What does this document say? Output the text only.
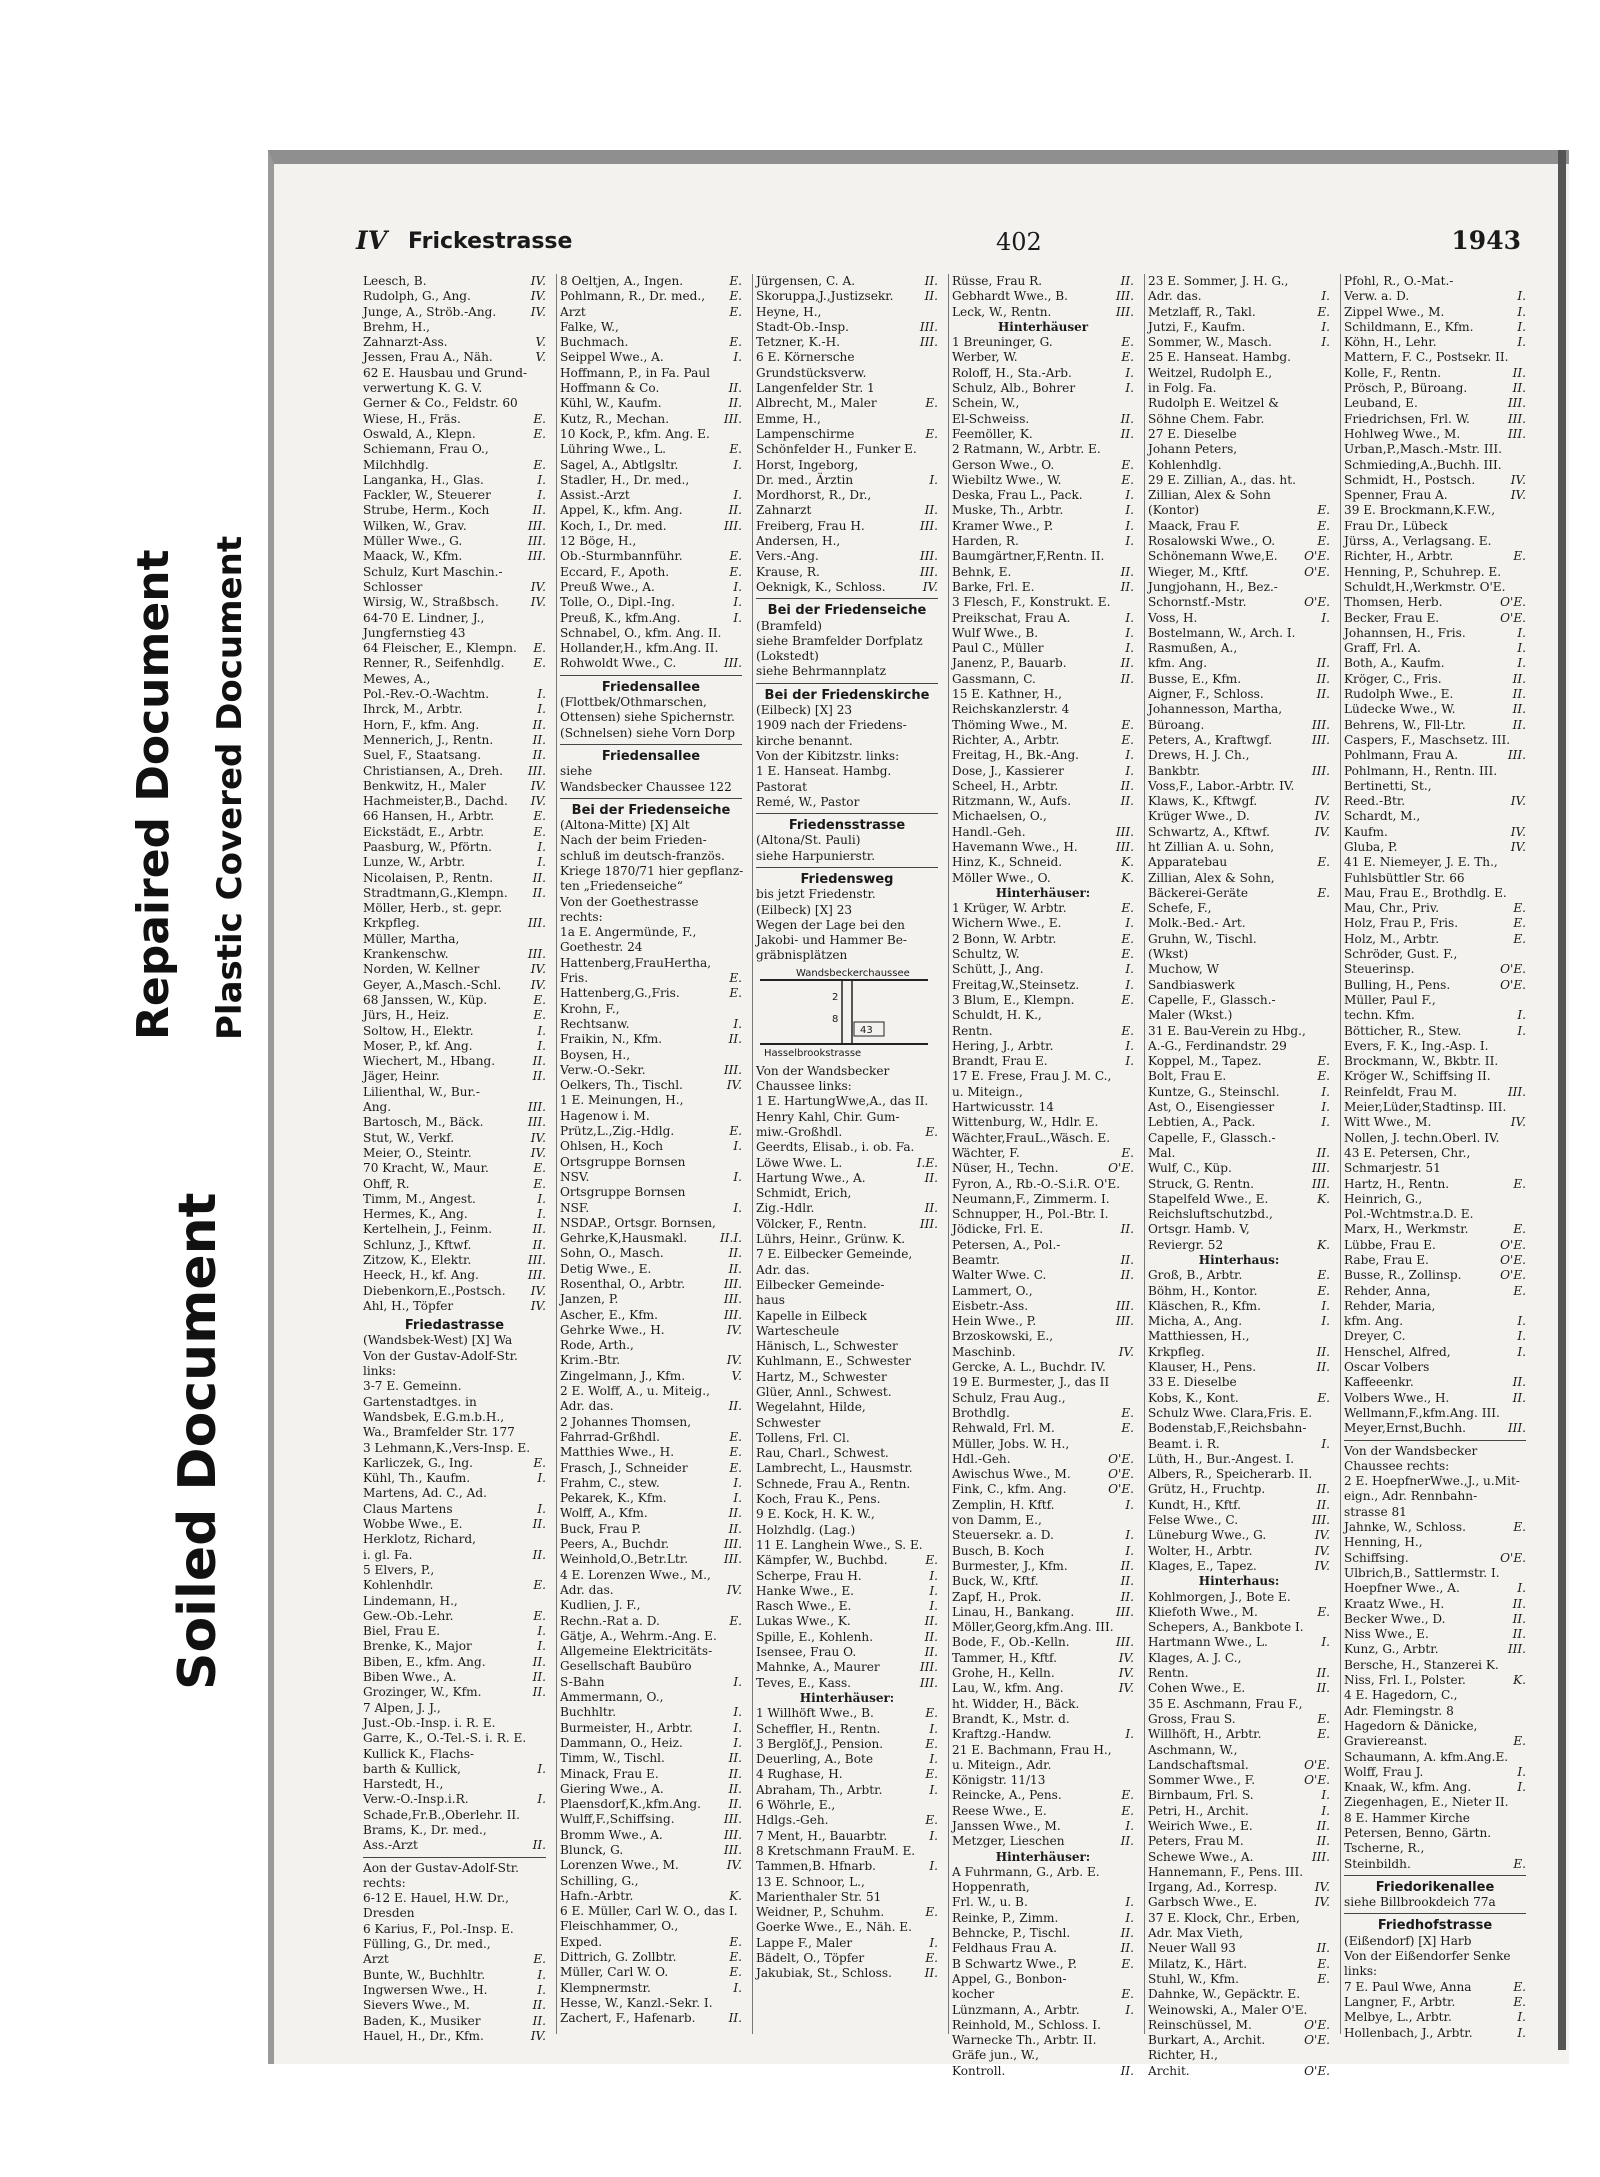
Repaired Document Plastic Covered Document
Soiled Document
IV Frickestrasse	402	1943
IV.
Leesch, B.
IV.
Rudolph, G., Ang.
IV.
Junge, A., Ströb.-Ang.
Brehm, H.,
V.
Zahnarzt-Ass.
V.
Jessen, Frau A., Näh.
62 E. Hausbau und Grund-
verwertung K. G. V.
Gerner & Co., Feldstr. 60
E.
Wiese, H., Fräs.
E.
Oswald, A., Klepn.
Schiemann, Frau O.,
E.
Milchhdlg.
I.
Langanka, H., Glas.
I.
Fackler, W., Steuerer
II.
Strube, Herm., Koch
III.
Wilken, W., Grav.
III.
Müller Wwe., G.
III.
Maack, W., Kfm.
Schulz, Kurt Maschin.-
IV.
Schlosser
IV.
Wirsig, W., Straßbsch.
64-70 E. Lindner, J.,
Jungfernstieg 43
E.
64 Fleischer, E., Klempn.
E.
Renner, R., Seifenhdlg.
Mewes, A.,
I.
Pol.-Rev.-O.-Wachtm.
I.
Ihrck, M., Arbtr.
II.
Horn, F., kfm. Ang.
II.
Mennerich, J., Rentn.
II.
Suel, F., Staatsang.
III.
Christiansen, A., Dreh.
IV.
Benkwitz, H., Maler
IV.
Hachmeister,B., Dachd.
E.
66 Hansen, H., Arbtr.
E.
Eickstädt, E., Arbtr.
I.
Paasburg, W., Pförtn.
I.
Lunze, W., Arbtr.
II.
Nicolaisen, P., Rentn.
II.
Stradtmann,G.,Klempn.
Möller, Herb., st. gepr.
III.
Krkpfleg.
Müller, Martha,
III.
Krankenschw.
IV.
Norden, W. Kellner
IV.
Geyer, A.,Masch.-Schl.
E.
68 Janssen, W., Küp.
E.
Jürs, H., Heiz.
I.
Soltow, H., Elektr.
I.
Moser, P., kf. Ang.
II.
Wiechert, M., Hbang.
II.
Jäger, Heinr.
Lilienthal, W., Bur.-
III.
Ang.
III.
Bartosch, M., Bäck.
IV.
Stut, W., Verkf.
IV.
Meier, O., Steintr.
E.
70 Kracht, W., Maur.
E.
Ohff, R.
I.
Timm, M., Angest.
I.
Hermes, K., Ang.
II.
Kertelhein, J., Feinm.
II.
Schlunz, J., Kftwf.
III.
Zitzow, K., Elektr.
III.
Heeck, H., kf. Ang.
IV.
Diebenkorn,E.,Postsch.
IV.
Ahl, H., Töpfer
Friedastrasse
(Wandsbek-West) [X] Wa
Von der Gustav-Adolf-Str.
links:
3-7 E. Gemeinn.
Gartenstadtges. in
Wandsbek, E.G.m.b.H.,
Wa., Bramfelder Str. 177
3 Lehmann,K.,Vers-Insp. E.
E.
Karliczek, G., Ing.
I.
Kühl, Th., Kaufm.
Martens, Ad. C., Ad.
I.
Claus Martens
II.
Wobbe Wwe., E.
Herklotz, Richard,
II.
i. gl. Fa.
5 Elvers, P.,
E.
Kohlenhdlr.
Lindemann, H.,
E.
Gew.-Ob.-Lehr.
I.
Biel, Frau E.
I.
Brenke, K., Major
II.
Biben, E., kfm. Ang.
II.
Biben Wwe., A.
II.
Grozinger, W., Kfm.
7 Alpen, J. J.,
Just.-Ob.-Insp. i. R. E.
Garre, K., O.-Tel.-S. i. R. E.
Kullick K., Flachs-
I.
barth & Kullick,
Harstedt, H.,
I.
Verw.-O.-Insp.i.R.
Schade,Fr.B.,Oberlehr. II.
Brams, K., Dr. med.,
II.
Ass.-Arzt
Aon der Gustav-Adolf-Str.
rechts:
6-12 E. Hauel, H.W. Dr.,
Dresden
6 Karius, F., Pol.-Insp. E.
Fülling, G., Dr. med.,
E.
Arzt
I.
Bunte, W., Buchhltr.
I.
Ingwersen Wwe., H.
II.
Sievers Wwe., M.
II.
Baden, K., Musiker
IV.
Hauel, H., Dr., Kfm.
E.
8 Oeltjen, A., Ingen.
E.
Pohlmann, R., Dr. med.,
E.
Arzt
Falke, W.,
E.
Buchmach.
I.
Seippel Wwe., A.
Hoffmann, P., in Fa. Paul
II.
Hoffmann & Co.
II.
Kühl, W., Kaufm.
III.
Kutz, R., Mechan.
10 Kock, P., kfm. Ang. E.
E.
Lühring Wwe., L.
I.
Sagel, A., Abtlgsltr.
Stadler, H., Dr. med.,
I.
Assist.-Arzt
II.
Appel, K., kfm. Ang.
III.
Koch, I., Dr. med.
12 Böge, H.,
E.
Ob.-Sturmbannführ.
E.
Eccard, F., Apoth.
I.
Preuß Wwe., A.
I.
Tolle, O., Dipl.-Ing.
I.
Preuß, K., kfm.Ang.
Schnabel, O., kfm. Ang. II.
Hollander,H., kfm.Ang. II.
III.
Rohwoldt Wwe., C.
Friedensallee
(Flottbek/Othmarschen,
Ottensen) siehe Spichernstr.
(Schnelsen) siehe Vorn Dorp
Friedensallee
siehe
Wandsbecker Chaussee 122
Bei der Friedenseiche
(Altona-Mitte) [X] Alt
Nach der beim Frieden-
schluß im deutsch-französ.
Kriege 1870/71 hier gepflanz-
ten „Friedenseiche“
Von der Goethestrasse
rechts:
1a E. Angermünde, F.,
Goethestr. 24
Hattenberg,FrauHertha,
E.
Fris.
E.
Hattenberg,G.,Fris.
Krohn, F.,
I.
Rechtsanw.
II.
Fraikin, N., Kfm.
Boysen, H.,
III.
Verw.-O.-Sekr.
IV.
Oelkers, Th., Tischl.
1 E. Meinungen, H.,
Hagenow i. M.
E.
Prütz,L.,Zig.-Hdlg.
I.
Ohlsen, H., Koch
Ortsgruppe Bornsen
I.
NSV.
Ortsgruppe Bornsen
I.
NSF.
NSDAP., Ortsgr. Bornsen,
I.
II.
Gehrke,K,Hausmakl.
II.
Sohn, O., Masch.
II.
Detig Wwe., E.
III.
Rosenthal, O., Arbtr.
III.
Janzen, P.
III.
Ascher, E., Kfm.
IV.
Gehrke Wwe., H.
Rode, Arth.,
IV.
Krim.-Btr.
V.
Zingelmann, J., Kfm.
2 E. Wolff, A., u. Miteig.,
II.
Adr. das.
2 Johannes Thomsen,
E.
Fahrrad-Grßhdl.
E.
Matthies Wwe., H.
E.
Frasch, J., Schneider
I.
Frahm, C., stew.
I.
Pekarek, K., Kfm.
II.
Wolff, A., Kfm.
II.
Buck, Frau P.
III.
Peers, A., Buchdr.
III.
Weinhold,O.,Betr.Ltr.
4 E. Lorenzen Wwe., M.,
IV.
Adr. das.
Kudlien, J. F.,
E.
Rechn.-Rat a. D.
Gätje, A., Wehrm.-Ang. E.
Allgemeine Elektricitäts-
Gesellschaft Baubüro
I.
S-Bahn
Ammermann, O.,
I.
Buchhltr.
I.
Burmeister, H., Arbtr.
I.
Dammann, O., Heiz.
II.
Timm, W., Tischl.
II.
Minack, Frau E.
II.
Giering Wwe., A.
II.
Plaensdorf,K.,kfm.Ang.
III.
Wulff,F.,Schiffsing.
III.
Bromm Wwe., A.
III.
Blunck, G.
IV.
Lorenzen Wwe., M.
Schilling, G.,
K.
Hafn.-Arbtr.
6 E. Müller, Carl W. O., das I.
Fleischhammer, O.,
E.
Exped.
E.
Dittrich, G. Zollbtr.
E.
Müller, Carl W. O.
I.
Klempnermstr.
Hesse, W., Kanzl.-Sekr. I.
II.
Zachert, F., Hafenarb.
II.
Jürgensen, C. A.
II.
Skoruppa,J.,Justizsekr.
Heyne, H.,
III.
Stadt-Ob.-Insp.
III.
Tetzner, K.-H.
6 E. Körnersche
Grundstücksverw.
Langenfelder Str. 1
E.
Albrecht, M., Maler
Emme, H.,
E.
Lampenschirme
Schönfelder H., Funker E.
Horst, Ingeborg,
I.
Dr. med., Ärztin
Mordhorst, R., Dr.,
II.
Zahnarzt
III.
Freiberg, Frau H.
Andersen, H.,
III.
Vers.-Ang.
III.
Krause, R.
IV.
Oeknigk, K., Schloss.
Bei der Friedenseiche
(Bramfeld)
siehe Bramfelder Dorfplatz
(Lokstedt)
siehe Behrmannplatz
Bei der Friedenskirche
(Eilbeck) [X] 23
1909 nach der Friedens-
kirche benannt.
Von der Kibitzstr. links:
1 E. Hanseat. Hambg.
Pastorat
Remé, W., Pastor
Friedensstrasse
(Altona/St. Pauli)
siehe Harpunierstr.
Friedensweg
bis jetzt Friedenstr.
(Eilbeck) [X] 23
Wegen der Lage bei den
Jakobi- und Hammer Be-
gräbnisplätzen
Wandsbeckerchaussee
Hasselbrookstrasse
2
8
43
Von der Wandsbecker
Chaussee links:
1 E. HartungWwe,A., das II.
Henry Kahl, Chir. Gum-
E.
miw.-Großhdl.
Geerdts, Elisab., i. ob. Fa.
E.
I.
Löwe Wwe. L.
II.
Hartung Wwe., A.
Schmidt, Erich,
II.
Zig.-Hdlr.
III.
Völcker, F., Rentn.
Lührs, Heinr., Grünw. K.
7 E. Eilbecker Gemeinde,
Adr. das.
Eilbecker Gemeinde-
haus
Kapelle in Eilbeck
Wartescheule
Hänisch, L., Schwester
Kuhlmann, E., Schwester
Hartz, M., Schwester
Glüer, Annl., Schwest.
Wegelahnt, Hilde,
Schwester
Tollens, Frl. Cl.
Rau, Charl., Schwest.
Lambrecht, L., Hausmstr.
Schnede, Frau A., Rentn.
Koch, Frau K., Pens.
9 E. Kock, H. K. W.,
Holzhdlg. (Lag.)
11 E. Langhein Wwe., S. E.
E.
Kämpfer, W., Buchbd.
I.
Scherpe, Frau H.
I.
Hanke Wwe., E.
I.
Rasch Wwe., E.
II.
Lukas Wwe., K.
II.
Spille, E., Kohlenh.
II.
Isensee, Frau O.
III.
Mahnke, A., Maurer
III.
Teves, E., Kass.
Hinterhäuser:
E.
1 Willhöft Wwe., B.
I.
Scheffler, H., Rentn.
E.
3 Berglöf,J., Pension.
I.
Deuerling, A., Bote
E.
4 Rughase, H.
I.
Abraham, Th., Arbtr.
6 Wöhrle, E.,
E.
Hdlgs.-Geh.
I.
7 Ment, H., Bauarbtr.
8 Kretschmann FrauM. E.
I.
Tammen,B. Hfnarb.
13 E. Schnoor, L.,
Marienthaler Str. 51
E.
Weidner, P., Schuhm.
Goerke Wwe., E., Näh. E.
I.
Lappe F., Maler
E.
Bädelt, O., Töpfer
II.
Jakubiak, St., Schloss.
II.
Rüsse, Frau R.
III.
Gebhardt Wwe., B.
III.
Leck, W., Rentn.
Hinterhäuser
E.
1 Breuninger, G.
E.
Werber, W.
I.
Roloff, H., Sta.-Arb.
I.
Schulz, Alb., Bohrer
Schein, W.,
II.
El-Schweiss.
II.
Feemöller, K.
2 Ratmann, W., Arbtr. E.
E.
Gerson Wwe., O.
E.
Wiebiltz Wwe., W.
I.
Deska, Frau L., Pack.
I.
Muske, Th., Arbtr.
I.
Kramer Wwe., P.
I.
Harden, R.
Baumgärtner,F,Rentn. II.
II.
Behnk, E.
II.
Barke, Frl. E.
3 Flesch, F., Konstrukt. E.
I.
Preikschat, Frau A.
I.
Wulf Wwe., B.
I.
Paul C., Müller
II.
Janenz, P., Bauarb.
II.
Gassmann, C.
15 E. Kathner, H.,
Reichskanzlerstr. 4
E.
Thöming Wwe., M.
E.
Richter, A., Arbtr.
I.
Freitag, H., Bk.-Ang.
I.
Dose, J., Kassierer
II.
Scheel, H., Arbtr.
II.
Ritzmann, W., Aufs.
Michaelsen, O.,
III.
Handl.-Geh.
III.
Havemann Wwe., H.
K.
Hinz, K., Schneid.
K.
Möller Wwe., O.
Hinterhäuser:
E.
1 Krüger, W. Arbtr.
I.
Wichern Wwe., E.
E.
2 Bonn, W. Arbtr.
E.
Schultz, W.
I.
Schütt, J., Ang.
I.
Freitag,W.,Steinsetz.
E.
3 Blum, E., Klempn.
Schuldt, H. K.,
E.
Rentn.
I.
Hering, J., Arbtr.
I.
Brandt, Frau E.
17 E. Frese, Frau J. M. C.,
u. Miteign.,
Hartwicusstr. 14
Wittenburg, W., Hdlr. E.
Wächter,FrauL.,Wäsch. E.
E.
Wächter, F.
O'E.
Nüser, H., Techn.
Fyron, A., Rb.-O.-S.i.R. O'E.
Neumann,F., Zimmerm. I.
Schnupper, H., Pol.-Btr. I.
II.
Jödicke, Frl. E.
Petersen, A., Pol.-
II.
Beamtr.
II.
Walter Wwe. C.
Lammert, O.,
III.
Eisbetr.-Ass.
III.
Hein Wwe., P.
Brzoskowski, E.,
IV.
Maschinb.
Gercke, A. L., Buchdr. IV.
19 E. Burmester, J., das II
Schulz, Frau Aug.,
E.
Brothdlg.
E.
Rehwald, Frl. M.
Müller, Jobs. W. H.,
O'E.
Hdl.-Geh.
O'E.
Awischus Wwe., M.
O'E.
Fink, C., kfm. Ang.
I.
Zemplin, H. Kftf.
von Damm, E.,
I.
Steuersekr. a. D.
I.
Busch, B. Koch
II.
Burmester, J., Kfm.
II.
Buck, W., Kftf.
II.
Zapf, H., Prok.
III.
Linau, H., Bankang.
Möller,Georg,kfm.Ang. III.
III.
Bode, F., Ob.-Kelln.
IV.
Tammer, H., Kftf.
IV.
Grohe, H., Kelln.
IV.
Lau, W., kfm. Ang.
ht. Widder, H., Bäck.
Brandt, K., Mstr. d.
I.
Kraftzg.-Handw.
21 E. Bachmann, Frau H.,
u. Miteign., Adr.
Königstr. 11/13
E.
Reincke, A., Pens.
E.
Reese Wwe., E.
I.
Janssen Wwe., M.
II.
Metzger, Lieschen
Hinterhäuser:
A Fuhrmann, G., Arb. E.
Hoppenrath,
I.
Frl. W., u. B.
I.
Reinke, P., Zimm.
II.
Behncke, P., Tischl.
II.
Feldhaus Frau A.
E.
B Schwartz Wwe., P.
Appel, G., Bonbon-
E.
kocher
I.
Lünzmann, A., Arbtr.
Reinhold, M., Schloss. I.
Warnecke Th., Arbtr. II.
Gräfe jun., W.,
II.
Kontroll.
23 E. Sommer, J. H. G.,
I.
Adr. das.
E.
Metzlaff, R., Takl.
I.
Jutzi, F., Kaufm.
I.
Sommer, W., Masch.
25 E. Hanseat. Hambg.
Weitzel, Rudolph E.,
in Folg. Fa.
Rudolph E. Weitzel &
Söhne Chem. Fabr.
27 E. Dieselbe
Johann Peters,
Kohlenhdlg.
29 E. Zillian, A., das. ht.
Zillian, Alex & Sohn
E.
(Kontor)
E.
Maack, Frau F.
E.
Rosalowski Wwe., O.
O'E.
Schönemann Wwe,E.
O'E.
Wieger, M., Kftf.
Jungjohann, H., Bez.-
O'E.
Schornstf.-Mstr.
I.
Voss, H.
Bostelmann, W., Arch. I.
Rasmußen, A.,
II.
kfm. Ang.
II.
Busse, E., Kfm.
II.
Aigner, F., Schloss.
Johannesson, Martha,
III.
Büroang.
III.
Peters, A., Kraftwgf.
Drews, H. J. Ch.,
III.
Bankbtr.
Voss,F., Labor.-Arbtr. IV.
IV.
Klaws, K., Kftwgf.
IV.
Krüger Wwe., D.
IV.
Schwartz, A., Kftwf.
ht Zillian A. u. Sohn,
E.
Apparatebau
Zillian, Alex & Sohn,
E.
Bäckerei-Geräte
Schefe, F.,
Molk.-Bed.- Art.
Gruhn, W., Tischl.
(Wkst)
Muchow, W
Sandbiaswerk
Capelle, F., Glassch.-
Maler (Wkst.)
31 E. Bau-Verein zu Hbg.,
A.-G., Ferdinandstr. 29
E.
Koppel, M., Tapez.
E.
Bolt, Frau E.
I.
Kuntze, G., Steinschl.
I.
Ast, O., Eisengiesser
I.
Lebtien, A., Pack.
Capelle, F., Glassch.-
II.
Mal.
III.
Wulf, C., Küp.
III.
Struck, G. Rentn.
K.
Stapelfeld Wwe., E.
Reichsluftschutzbd.,
Ortsgr. Hamb. V,
K.
Reviergr. 52
Hinterhaus:
E.
Groß, B., Arbtr.
E.
Böhm, H., Kontor.
I.
Kläschen, R., Kfm.
I.
Micha, A., Ang.
Matthiessen, H.,
II.
Krkpfleg.
II.
Klauser, H., Pens.
33 E. Dieselbe
E.
Kobs, K., Kont.
Schulz Wwe. Clara,Fris. E.
Bodenstab,F.,Reichsbahn-
I.
Beamt. i. R.
Lüth, H., Bur.-Angest. I.
Albers, R., Speicherarb. II.
II.
Grütz, H., Fruchtp.
II.
Kundt, H., Kftf.
III.
Felse Wwe., C.
IV.
Lüneburg Wwe., G.
IV.
Wolter, H., Arbtr.
IV.
Klages, E., Tapez.
Hinterhaus:
Kohlmorgen, J., Bote E.
E.
Kliefoth Wwe., M.
Schepers, A., Bankbote I.
I.
Hartmann Wwe., L.
Klages, A. J. C.,
II.
Rentn.
II.
Cohen Wwe., E.
35 E. Aschmann, Frau F.,
E.
Gross, Frau S.
E.
Willhöft, H., Arbtr.
Aschmann, W.,
O'E.
Landschaftsmal.
O'E.
Sommer Wwe., F.
I.
Birnbaum, Frl. S.
I.
Petri, H., Archit.
II.
Weirich Wwe., E.
II.
Peters, Frau M.
III.
Schewe Wwe., A.
Hannemann, F., Pens. III.
IV.
Irgang, Ad., Korresp.
IV.
Garbsch Wwe., E.
37 E. Klock, Chr., Erben,
Adr. Max Vieth,
II.
Neuer Wall 93
E.
Milatz, K., Härt.
E.
Stuhl, W., Kfm.
Dahnke, W., Gepäcktr. E.
Weinowski, A., Maler O'E.
O'E.
Reinschüssel, M.
O'E.
Burkart, A., Archit.
Richter, H.,
O'E.
Archit.
Pfohl, R., O.-Mat.-
I.
Verw. a. D.
I.
Zippel Wwe., M.
I.
Schildmann, E., Kfm.
I.
Köhn, H., Lehr.
Mattern, F. C., Postsekr. II.
II.
Kolle, F., Rentn.
II.
Prösch, P., Büroang.
III.
Leuband, E.
III.
Friedrichsen, Frl. W.
III.
Hohlweg Wwe., M.
Urban,P.,Masch.-Mstr. III.
Schmieding,A.,Buchh. III.
IV.
Schmidt, H., Postsch.
IV.
Spenner, Frau A.
39 E. Brockmann,K.F.W.,
Frau Dr., Lübeck
Jürss, A., Verlagsang. E.
E.
Richter, H., Arbtr.
Henning, P., Schuhrep. E.
Schuldt,H.,Werkmstr. O'E.
O'E.
Thomsen, Herb.
O'E.
Becker, Frau E.
I.
Johannsen, H., Fris.
I.
Graff, Frl. A.
I.
Both, A., Kaufm.
II.
Kröger, C., Fris.
II.
Rudolph Wwe., E.
II.
Lüdecke Wwe., W.
II.
Behrens, W., Fll-Ltr.
Caspers, F., Maschsetz. III.
III.
Pohlmann, Frau A.
Pohlmann, H., Rentn. III.
Bertinetti, St.,
IV.
Reed.-Btr.
Schardt, M.,
IV.
Kaufm.
IV.
Gluba, P.
41 E. Niemeyer, J. E. Th.,
Fuhlsbüttler Str. 66
Mau, Frau E., Brothdlg. E.
E.
Mau, Chr., Priv.
E.
Holz, Frau P., Fris.
E.
Holz, M., Arbtr.
Schröder, Gust. F.,
O'E.
Steuerinsp.
O'E.
Bulling, H., Pens.
Müller, Paul F.,
I.
techn. Kfm.
I.
Bötticher, R., Stew.
Evers, F. K., Ing.-Asp. I.
Brockmann, W., Bkbtr. II.
Kröger W., Schiffsing II.
III.
Reinfeldt, Frau M.
Meier,Lüder,Stadtinsp. III.
IV.
Witt Wwe., M.
Nollen, J. techn.Oberl. IV.
43 E. Petersen, Chr.,
Schmarjestr. 51
E.
Hartz, H., Rentn.
Heinrich, G.,
Pol.-Wchtmstr.a.D. E.
E.
Marx, H., Werkmstr.
O'E.
Lübbe, Frau E.
O'E.
Rabe, Frau E.
O'E.
Busse, R., Zollinsp.
E.
Rehder, Anna,
Rehder, Maria,
I.
kfm. Ang.
I.
Dreyer, C.
I.
Henschel, Alfred,
Oscar Volbers
II.
Kaffeeenkr.
II.
Volbers Wwe., H.
Wellmann,F.,kfm.Ang. III.
III.
Meyer,Ernst,Buchh.
Von der Wandsbecker
Chaussee rechts:
2 E. HoepfnerWwe.,J., u.Mit-
eign., Adr. Rennbahn-
strasse 81
E.
Jahnke, W., Schloss.
Henning, H.,
O'E.
Schiffsing.
Ulbrich,B., Sattlermstr. I.
I.
Hoepfner Wwe., A.
II.
Kraatz Wwe., H.
II.
Becker Wwe., D.
II.
Niss Wwe., E.
III.
Kunz, G., Arbtr.
Bersche, H., Stanzerei K.
K.
Niss, Frl. I., Polster.
4 E. Hagedorn, C.,
Adr. Flemingstr. 8
Hagedorn & Dänicke,
E.
Graviereanst.
Schaumann, A. kfm.Ang.E.
I.
Wolff, Frau J.
I.
Knaak, W., kfm. Ang.
Ziegenhagen, E., Nieter II.
8 E. Hammer Kirche
Petersen, Benno, Gärtn.
Tscherne, R.,
E.
Steinbildh.
Friedorikenallee
siehe Billbrookdeich 77a
Friedhofstrasse
(Eißendorf) [X] Harb
Von der Eißendorfer Senke
links:
E.
7 E. Paul Wwe, Anna
E.
Langner, F., Arbtr.
I.
Melbye, L., Arbtr.
I.
Hollenbach, J., Arbtr.
